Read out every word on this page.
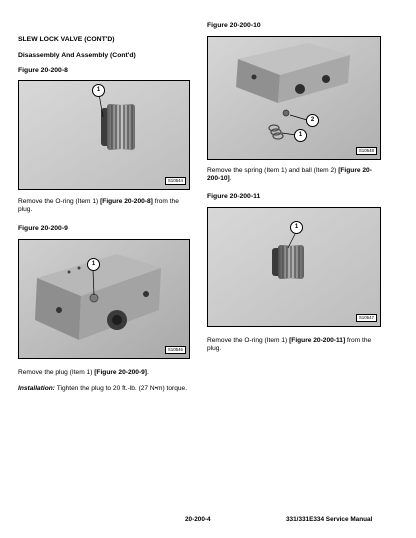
SLEW LOCK VALVE (CONT'D)
Disassembly And Assembly (Cont'd)
Figure 20-200-8
1
S10544
Remove the O-ring (Item 1) [Figure 20-200-8] from the plug.
Figure 20-200-9
1
S10546
Remove the plug (Item 1) [Figure 20-200-9].
Installation: Tighten the plug to 20 ft.-lb. (27 N•m) torque.
Figure 20-200-10
2
1
S10548
Remove the spring (Item 1) and ball (Item 2) [Figure 20-200-10].
Figure 20-200-11
1
S10547
Remove the O-ring (Item 1) [Figure 20-200-11] from the plug.
20-200-4	331/331E334 Service Manual
